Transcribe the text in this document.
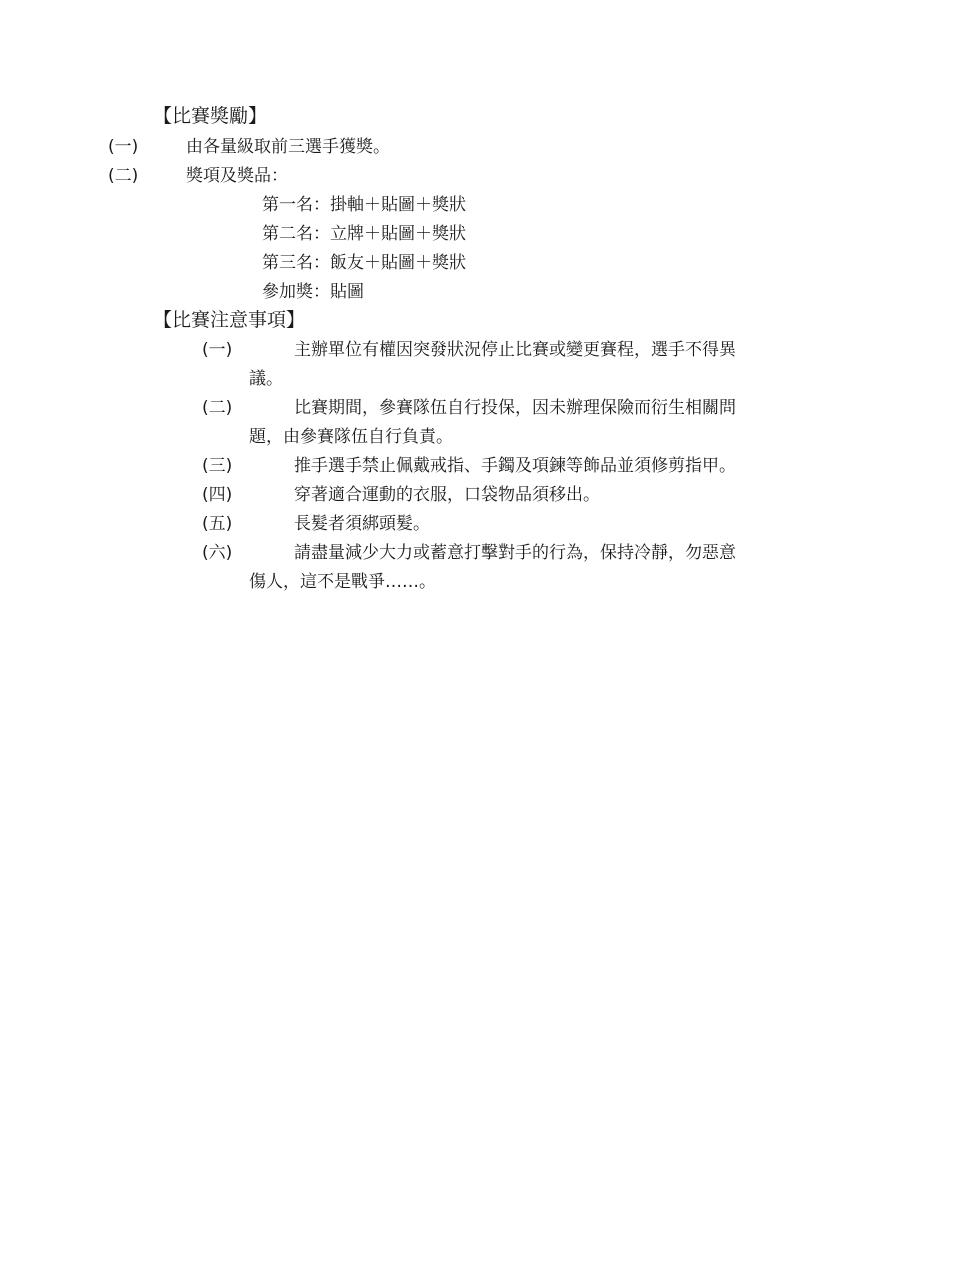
【比賽獎勵】
(一)	由各量級取前三選手獲獎。
(二)	獎項及獎品：
第一名：掛軸＋貼圖＋獎狀
第二名：立牌＋貼圖＋獎狀
第三名：飯友＋貼圖＋獎狀
參加獎：貼圖
【比賽注意事項】
(一)	主辦單位有權因突發狀況停止比賽或變更賽程，選手不得異
議。
(二)	比賽期間，參賽隊伍自行投保，因未辦理保險而衍生相關問
題，由參賽隊伍自行負責。
(三)	推手選手禁止佩戴戒指、手鐲及項鍊等飾品並須修剪指甲。
(四)	穿著適合運動的衣服，口袋物品須移出。
(五)	長髮者須綁頭髮。
(六)	請盡量減少大力或蓄意打擊對手的行為，保持冷靜，勿惡意
傷人，這不是戰爭……。
